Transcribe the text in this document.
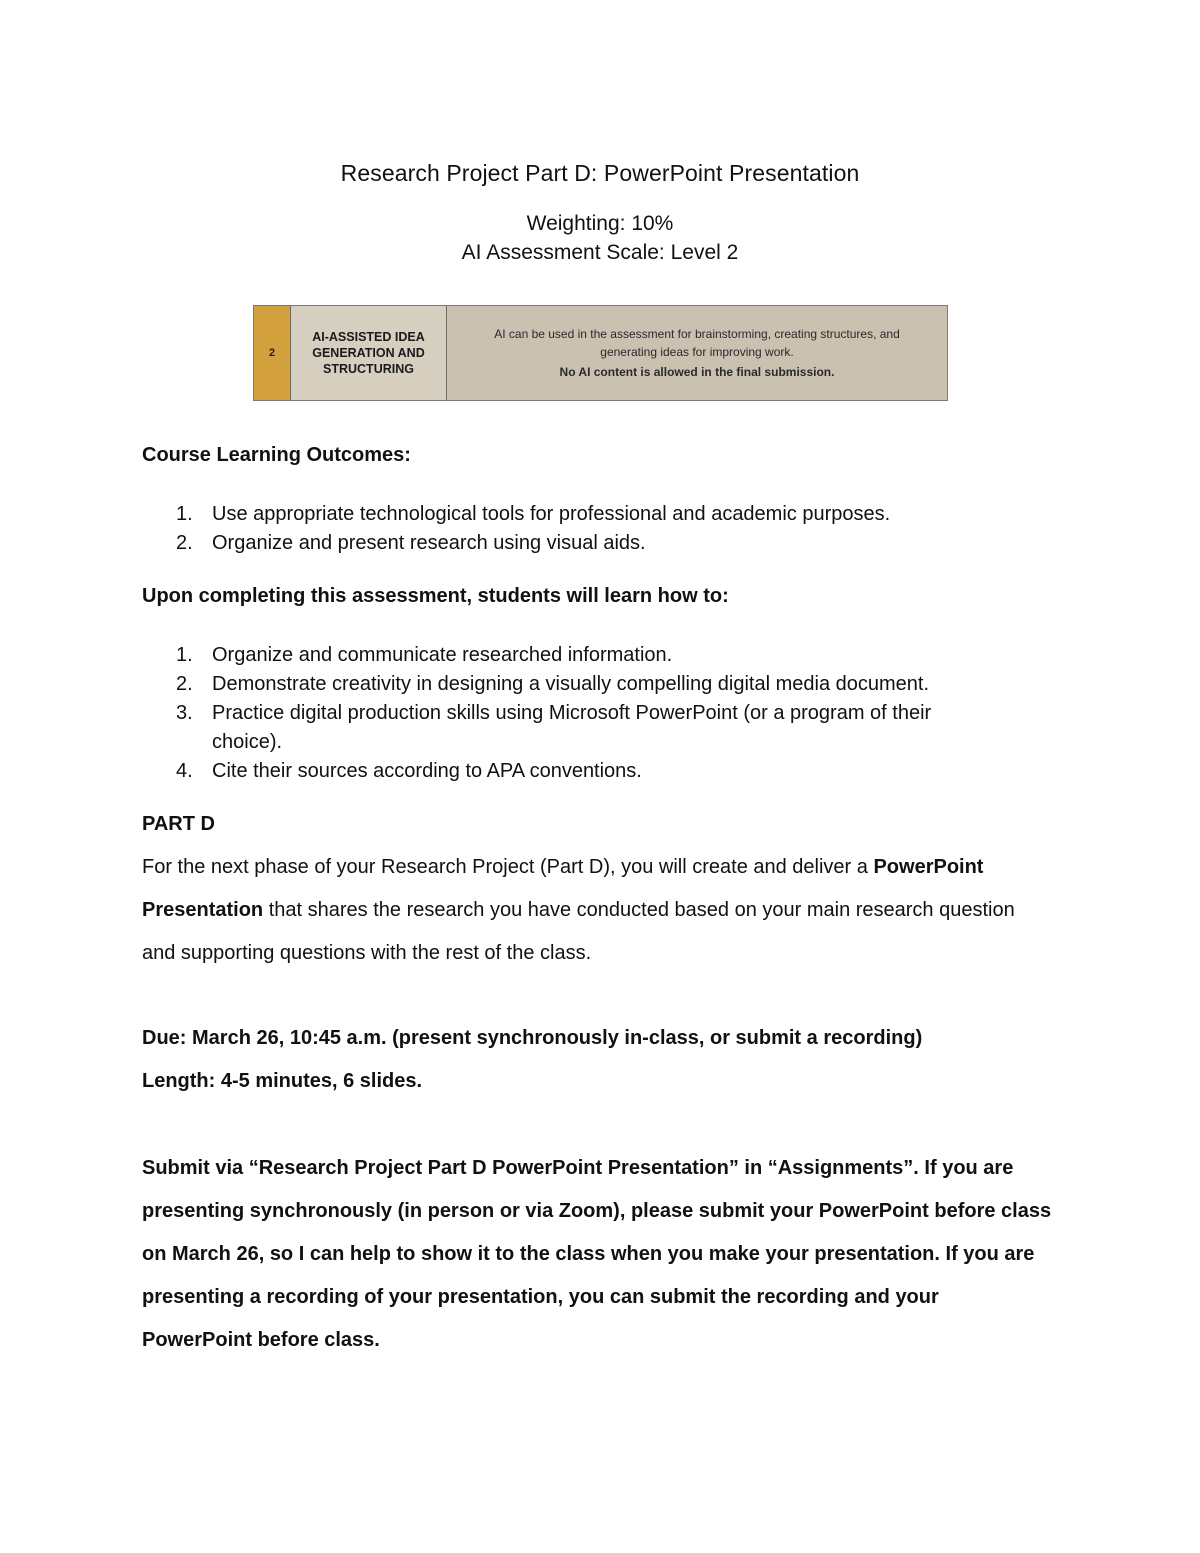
Research Project Part D: PowerPoint Presentation
Weighting: 10%
AI Assessment Scale: Level 2
2
AI-ASSISTED IDEA
GENERATION AND
STRUCTURING
AI can be used in the assessment for brainstorming, creating structures, and
generating ideas for improving work.
No AI content is allowed in the final submission.
Course Learning Outcomes:
1. Use appropriate technological tools for professional and academic purposes.
2. Organize and present research using visual aids.
Upon completing this assessment, students will learn how to:
1. Organize and communicate researched information.
2. Demonstrate creativity in designing a visually compelling digital media document.
3. Practice digital production skills using Microsoft PowerPoint (or a program of their choice).
4. Cite their sources according to APA conventions.
PART D
For the next phase of your Research Project (Part D), you will create and deliver a PowerPoint Presentation that shares the research you have conducted based on your main research question and supporting questions with the rest of the class.
Due: March 26, 10:45 a.m. (present synchronously in-class, or submit a recording)
Length: 4-5 minutes, 6 slides.
Submit via “Research Project Part D PowerPoint Presentation” in “Assignments”. If you are presenting synchronously (in person or via Zoom), please submit your PowerPoint before class on March 26, so I can help to show it to the class when you make your presentation. If you are presenting a recording of your presentation, you can submit the recording and your PowerPoint before class.
